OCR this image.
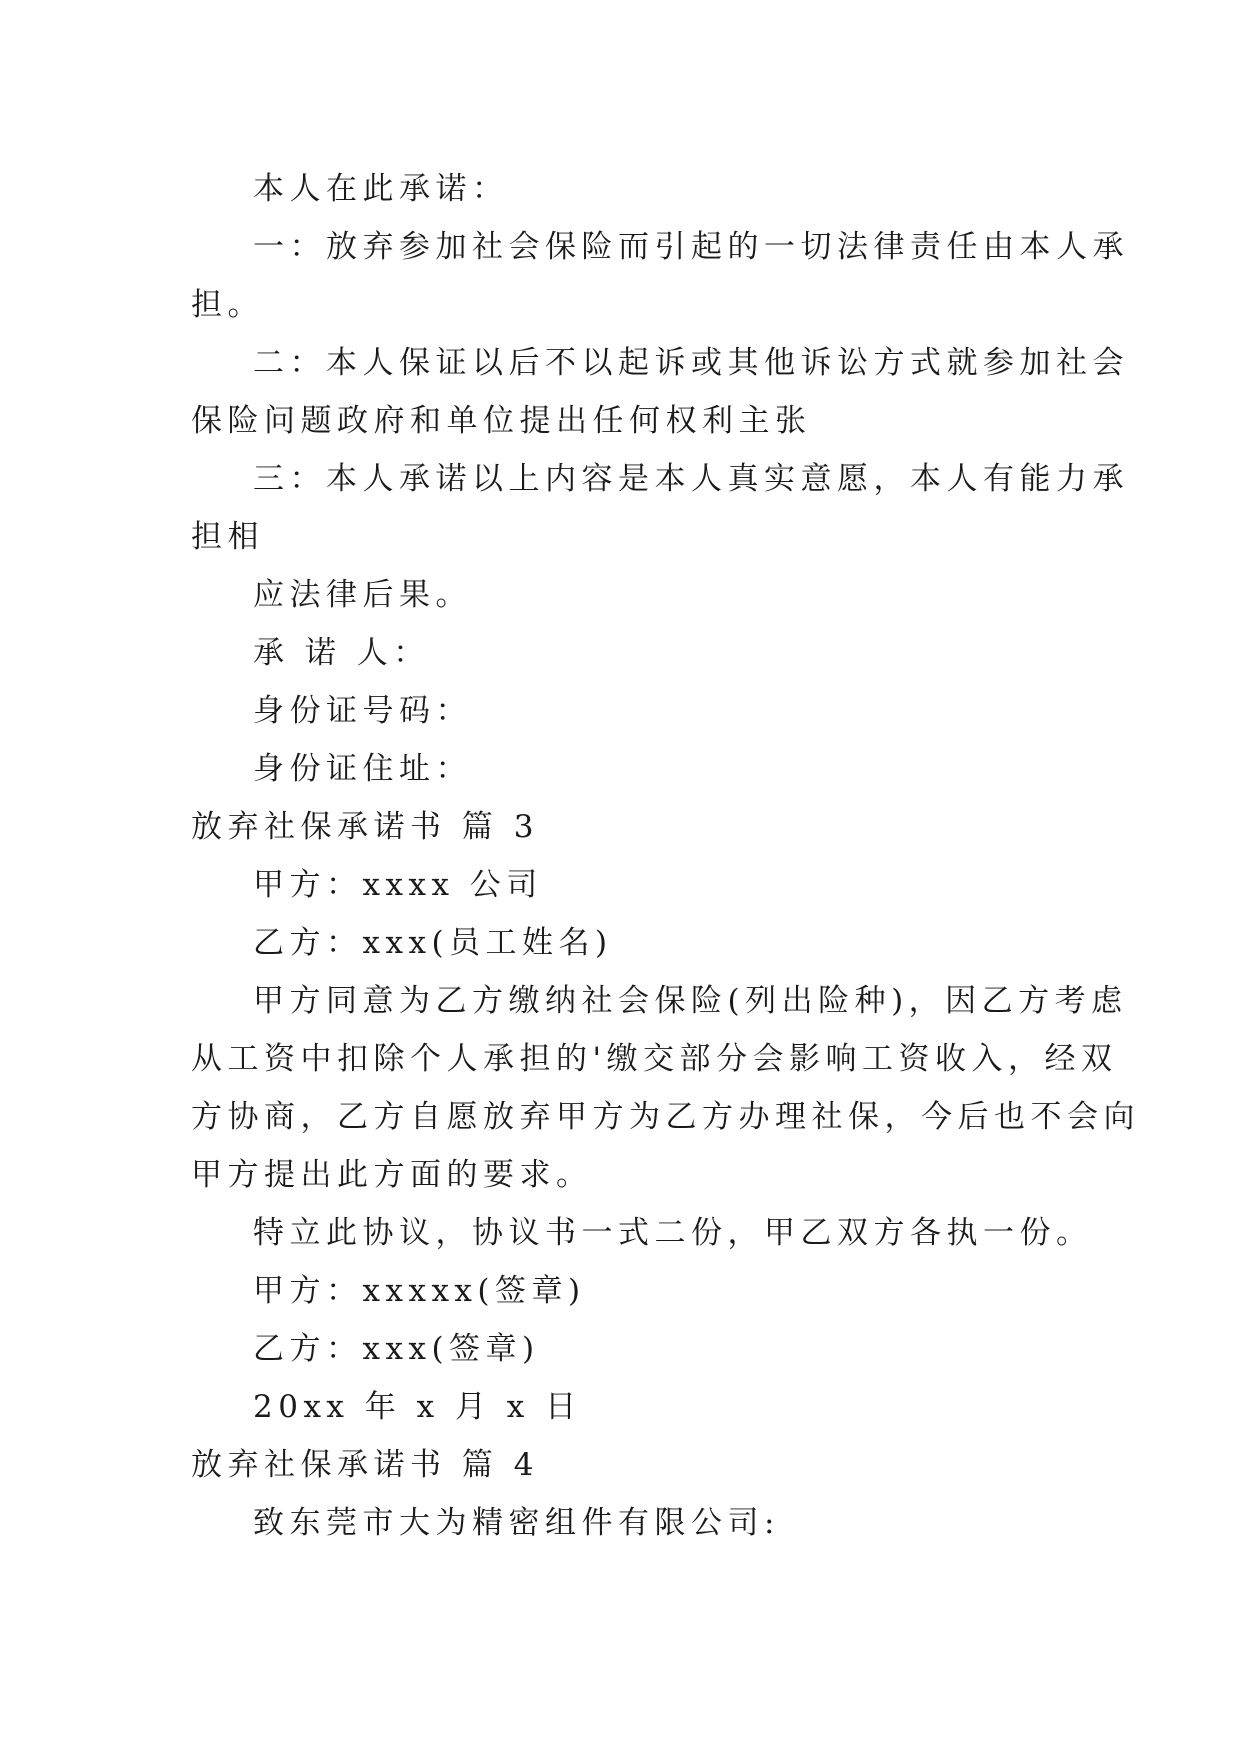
本人在此承诺：
一：放弃参加社会保险而引起的一切法律责任由本人承
担。
二：本人保证以后不以起诉或其他诉讼方式就参加社会
保险问题政府和单位提出任何权利主张
三：本人承诺以上内容是本人真实意愿，本人有能力承
担相
应法律后果。
承 诺 人：
身份证号码：
身份证住址：
放弃社保承诺书 篇 3
甲方：xxxx 公司
乙方：xxx(员工姓名)
甲方同意为乙方缴纳社会保险(列出险种)，因乙方考虑
从工资中扣除个人承担的'缴交部分会影响工资收入，经双
方协商，乙方自愿放弃甲方为乙方办理社保，今后也不会向
甲方提出此方面的要求。
特立此协议，协议书一式二份，甲乙双方各执一份。
甲方：xxxxx(签章)
乙方：xxx(签章)
20xx 年 x 月 x 日
放弃社保承诺书 篇 4
致东莞市大为精密组件有限公司:
